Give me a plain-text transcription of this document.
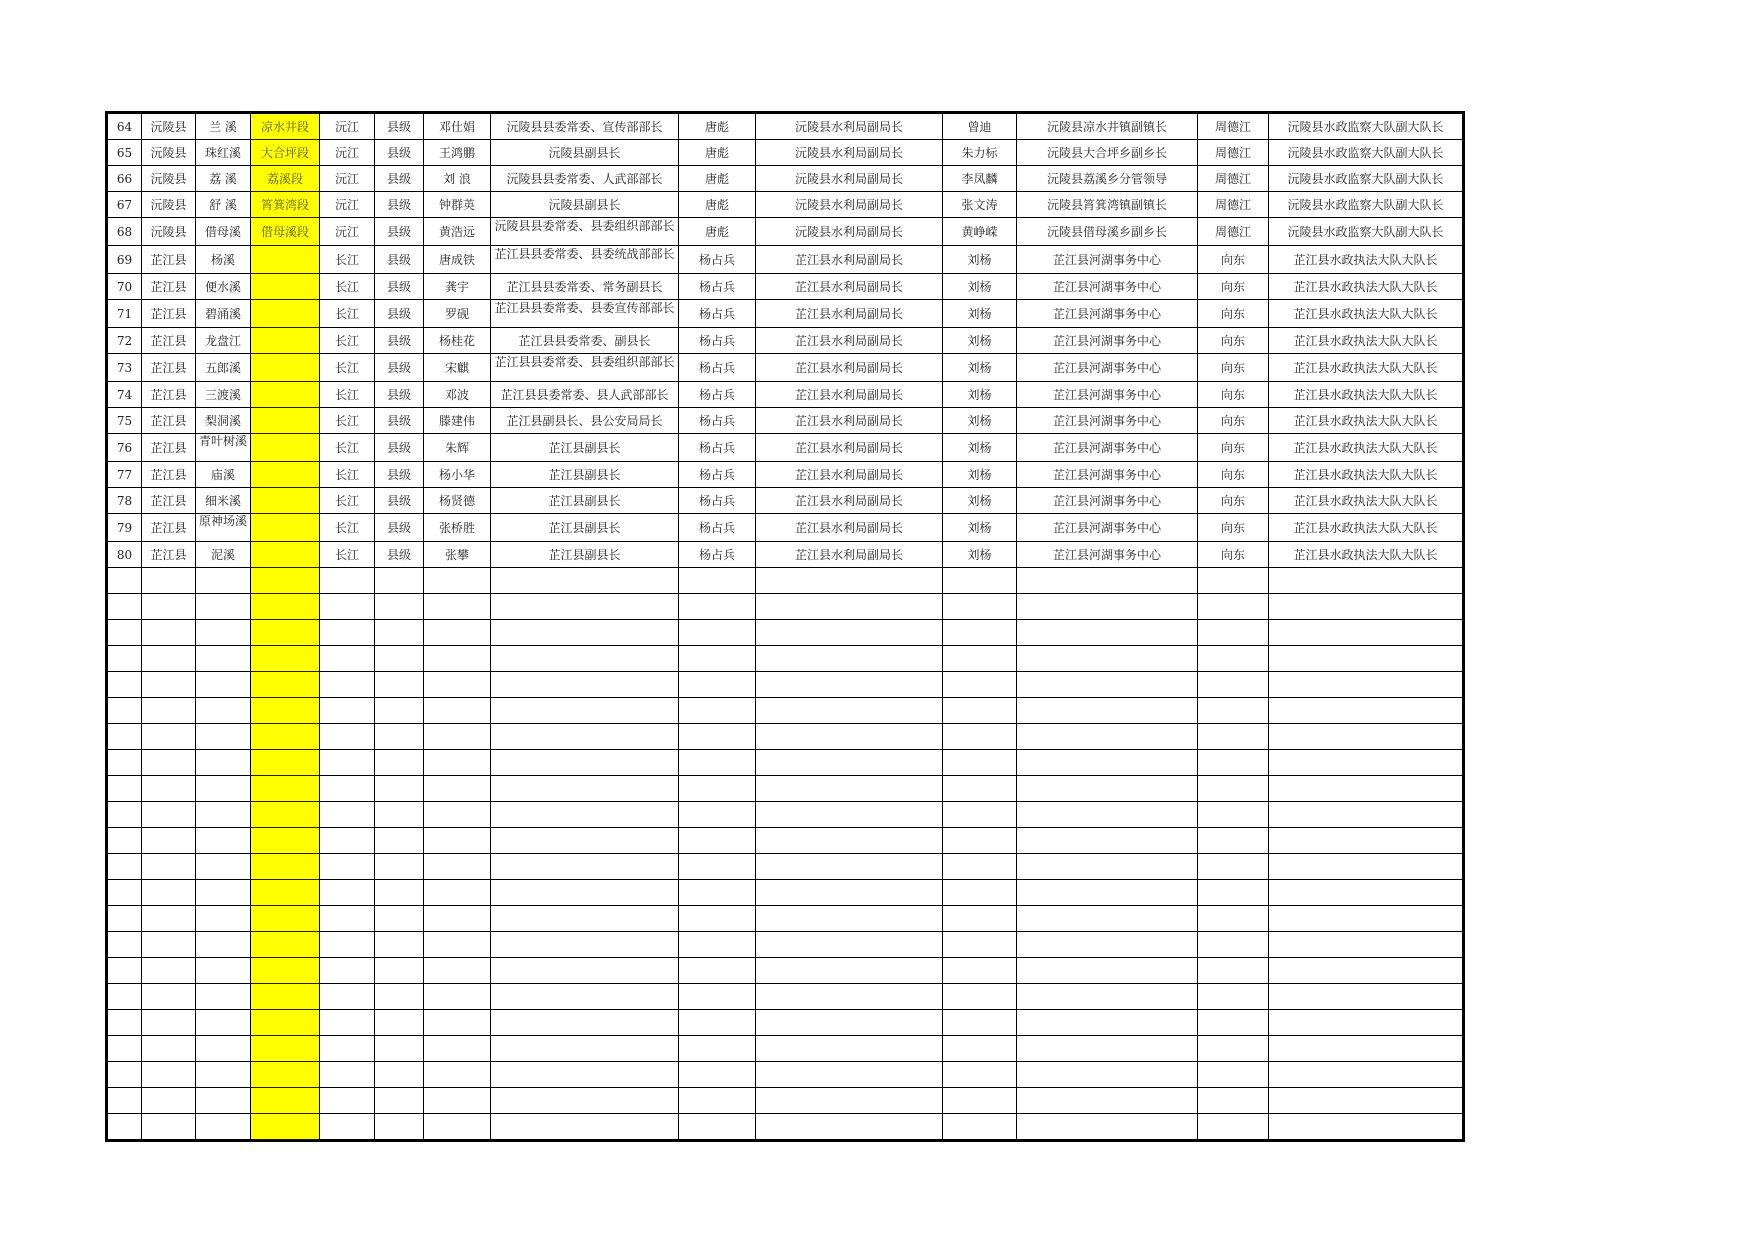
64	沅陵县	兰 溪	凉水井段	沅江	县级	邓仕娟	沅陵县县委常委、宣传部部长	唐彪	沅陵县水利局副局长	曾迪	沅陵县凉水井镇副镇长	周德江	沅陵县水政监察大队副大队长
65	沅陵县	珠红溪	大合坪段	沅江	县级	王鸿鹏	沅陵县副县长	唐彪	沅陵县水利局副局长	朱力标	沅陵县大合坪乡副乡长	周德江	沅陵县水政监察大队副大队长
66	沅陵县	荔 溪	荔溪段	沅江	县级	刘 浪	沅陵县县委常委、人武部部长	唐彪	沅陵县水利局副局长	李凤麟	沅陵县荔溪乡分管领导	周德江	沅陵县水政监察大队副大队长
67	沅陵县	舒 溪	筲箕湾段	沅江	县级	钟群英	沅陵县副县长	唐彪	沅陵县水利局副局长	张文涛	沅陵县筲箕湾镇副镇长	周德江	沅陵县水政监察大队副大队长
68	沅陵县	借母溪	借母溪段	沅江	县级	黄浩远	沅陵县县委常委、县委组织部部长	唐彪	沅陵县水利局副局长	黄峥嵘	沅陵县借母溪乡副乡长	周德江	沅陵县水政监察大队副大队长
69	芷江县	杨溪		长江	县级	唐成铁	芷江县县委常委、县委统战部部长	杨占兵	芷江县水利局副局长	刘杨	芷江县河湖事务中心	向东	芷江县水政执法大队大队长
70	芷江县	便水溪		长江	县级	龚宇	芷江县县委常委、常务副县长	杨占兵	芷江县水利局副局长	刘杨	芷江县河湖事务中心	向东	芷江县水政执法大队大队长
71	芷江县	碧涌溪		长江	县级	罗砚	芷江县县委常委、县委宣传部部长	杨占兵	芷江县水利局副局长	刘杨	芷江县河湖事务中心	向东	芷江县水政执法大队大队长
72	芷江县	龙盘江		长江	县级	杨桂花	芷江县县委常委、副县长	杨占兵	芷江县水利局副局长	刘杨	芷江县河湖事务中心	向东	芷江县水政执法大队大队长
73	芷江县	五郎溪		长江	县级	宋麒	芷江县县委常委、县委组织部部长	杨占兵	芷江县水利局副局长	刘杨	芷江县河湖事务中心	向东	芷江县水政执法大队大队长
74	芷江县	三渡溪		长江	县级	邓波	芷江县县委常委、县人武部部长	杨占兵	芷江县水利局副局长	刘杨	芷江县河湖事务中心	向东	芷江县水政执法大队大队长
75	芷江县	梨洞溪		长江	县级	滕建伟	芷江县副县长、县公安局局长	杨占兵	芷江县水利局副局长	刘杨	芷江县河湖事务中心	向东	芷江县水政执法大队大队长
76	芷江县	青叶树溪		长江	县级	朱辉	芷江县副县长	杨占兵	芷江县水利局副局长	刘杨	芷江县河湖事务中心	向东	芷江县水政执法大队大队长
77	芷江县	庙溪		长江	县级	杨小华	芷江县副县长	杨占兵	芷江县水利局副局长	刘杨	芷江县河湖事务中心	向东	芷江县水政执法大队大队长
78	芷江县	细米溪		长江	县级	杨贤德	芷江县副县长	杨占兵	芷江县水利局副局长	刘杨	芷江县河湖事务中心	向东	芷江县水政执法大队大队长
79	芷江县	原神场溪		长江	县级	张桥胜	芷江县副县长	杨占兵	芷江县水利局副局长	刘杨	芷江县河湖事务中心	向东	芷江县水政执法大队大队长
80	芷江县	泥溪		长江	县级	张攀	芷江县副县长	杨占兵	芷江县水利局副局长	刘杨	芷江县河湖事务中心	向东	芷江县水政执法大队大队长
